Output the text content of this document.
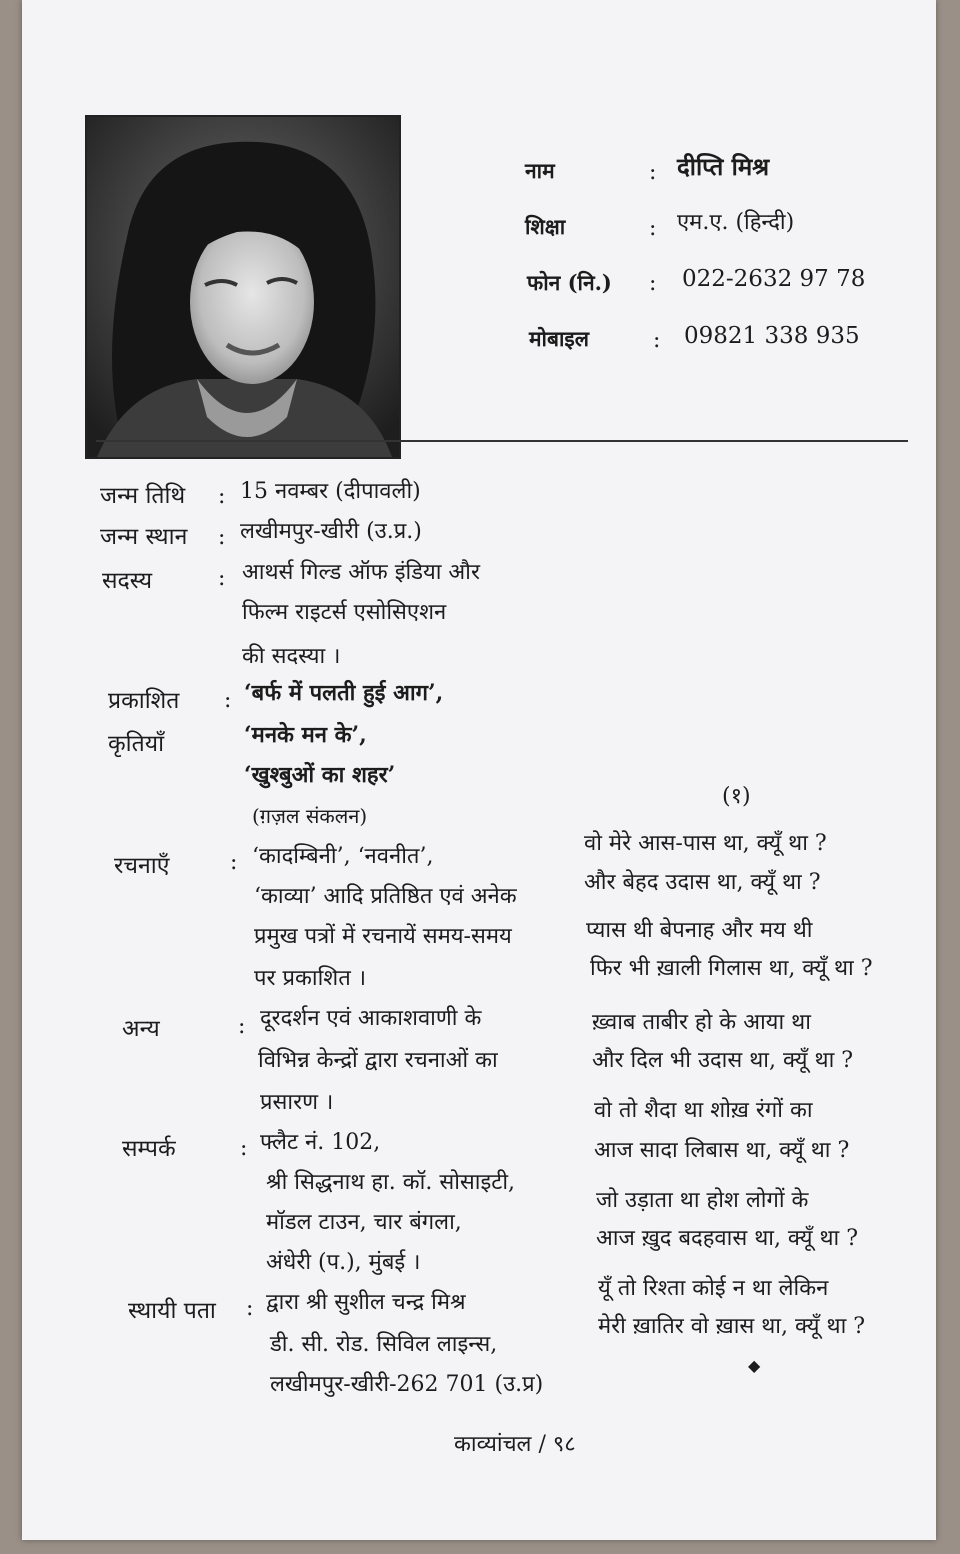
नाम	: दीप्ति मिश्र
शिक्षा	: एम.ए. (हिन्दी)
फोन (नि.) : 022-2632 97 78
मोबाइल	: 09821 338 935
जन्म तिथि : 15 नवम्बर (दीपावली)
जन्म स्थान : लखीमपुर-खीरी (उ.प्र.)
सदस्य	: आथर्स गिल्ड ऑफ इंडिया और
फिल्म राइटर्स एसोसिएशन
की सदस्या ।
प्रकाशित
कृतियाँ
: ‘बर्फ में पलती हुई आग’,
‘मनके मन के’,
‘खुश्बुओं का शहर’
(ग़ज़ल संकलन)
रचनाएँ	: ‘कादम्बिनी’, ‘नवनीत’,
‘काव्या’ आदि प्रतिष्ठित एवं अनेक
प्रमुख पत्रों में रचनायें समय-समय
पर प्रकाशित ।
अन्य	: दूरदर्शन एवं आकाशवाणी के
विभिन्न केन्द्रों द्वारा रचनाओं का
प्रसारण ।
सम्पर्क	: फ्लैट नं. 102,
श्री सिद्धनाथ हा. कॉ. सोसाइटी,
मॉडल टाउन, चार बंगला,
अंधेरी (प.), मुंबई ।
स्थायी पता : द्वारा श्री सुशील चन्द्र मिश्र
डी. सी. रोड. सिविल लाइन्स,
लखीमपुर-खीरी-262 701 (उ.प्र)
(१)
वो मेरे आस-पास था, क्यूँ था ?
और बेहद उदास था, क्यूँ था ?
प्यास थी बेपनाह और मय थी
फिर भी ख़ाली गिलास था, क्यूँ था ?
ख़्वाब ताबीर हो के आया था
और दिल भी उदास था, क्यूँ था ?
वो तो शैदा था शोख़ रंगों का
आज सादा लिबास था, क्यूँ था ?
जो उड़ाता था होश लोगों के
आज ख़ुद बदहवास था, क्यूँ था ?
यूँ तो रिश्ता कोई न था लेकिन
मेरी ख़ातिर वो ख़ास था, क्यूँ था ?
◆
काव्यांचल / ९८
